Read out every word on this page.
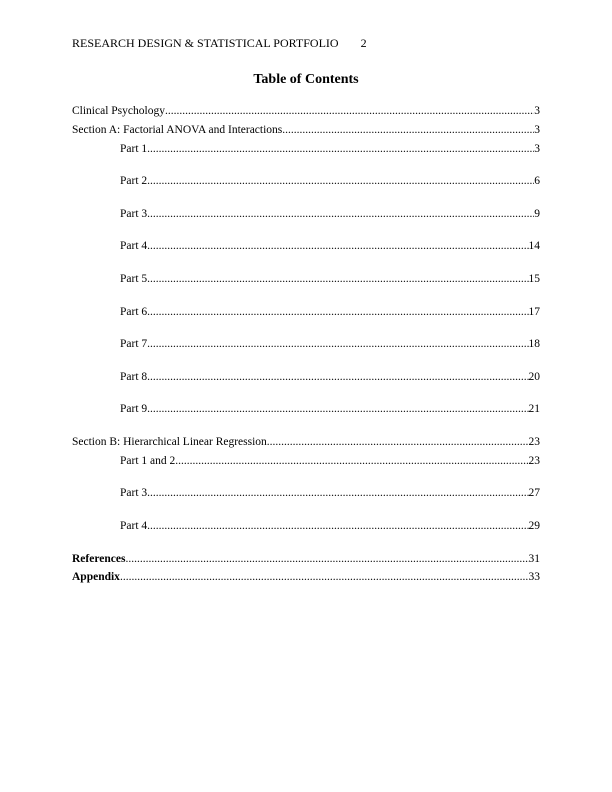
RESEARCH DESIGN & STATISTICAL PORTFOLIO 2
Table of Contents
Clinical Psychology .....	3
Section A: Factorial ANOVA and Interactions .....	3
Part 1 .....	3
Part 2 .....	6
Part 3 .....	9
Part 4 .....	14
Part 5 .....	15
Part 6 .....	17
Part 7 .....	18
Part 8 .....	20
Part 9 .....	21
Section B: Hierarchical Linear Regression .....	23
Part 1 and 2 .....	23
Part 3 .....	27
Part 4 .....	29
References .....	31
Appendix .....	33
